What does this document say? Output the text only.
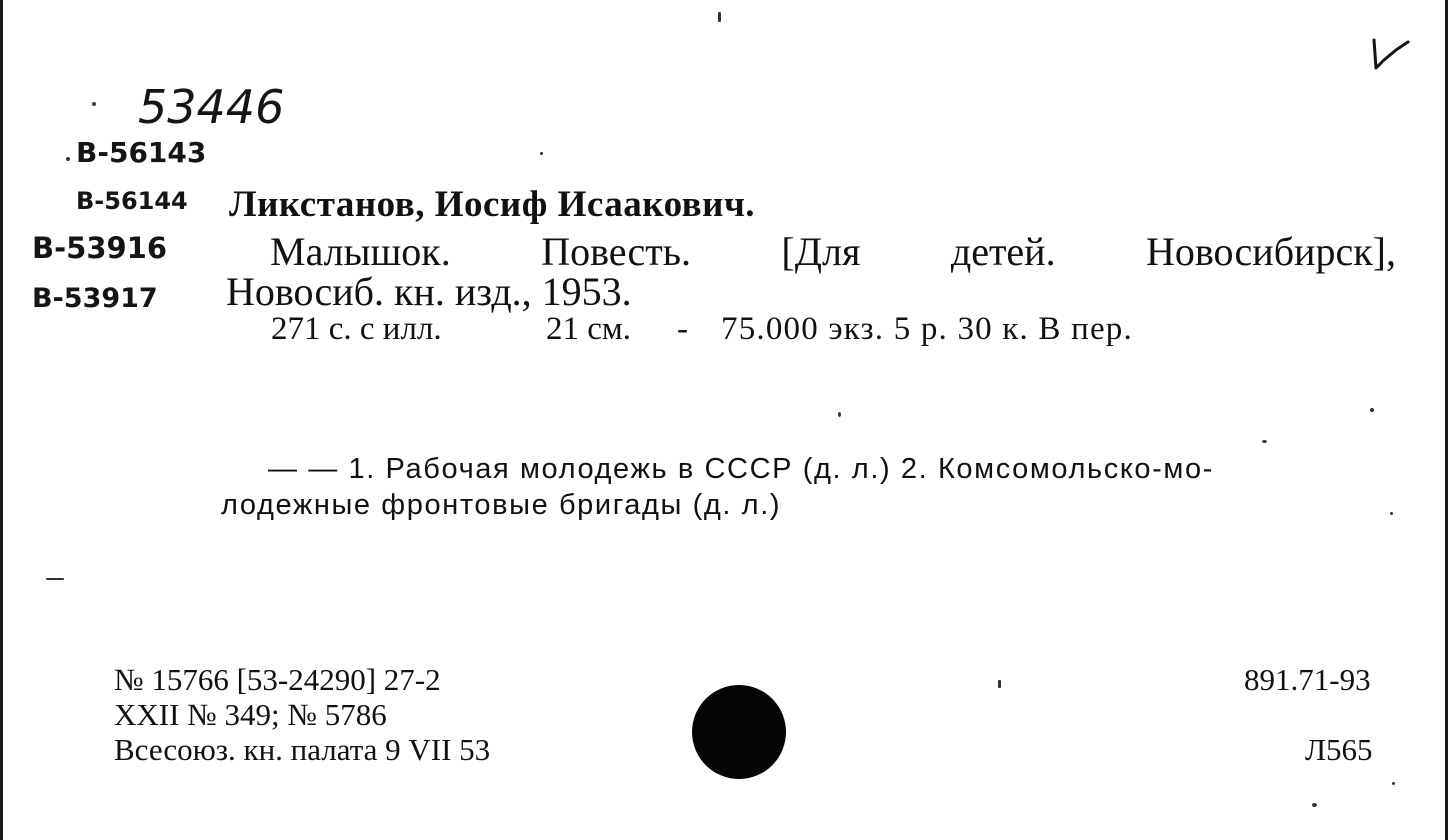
53446
В-56143
В-56144
В-53916
В-53917
Ликстанов, Иосиф Исаакович.
Малышок. Повесть. [Для детей. Новосибирск],
Новосиб. кн. изд., 1953.
271 с. с илл.	21 см. - 75.000 экз. 5 р. 30 к. В пер.
— — 1. Рабочая молодежь в СССР (д. л.) 2. Комсомольско-мо-
лодежные фронтовые бригады (д. л.)
№ 15766 [53-24290] 27-2
XXII № 349; № 5786
Всесоюз. кн. палата 9 VII 53
891.71-93
Л565
